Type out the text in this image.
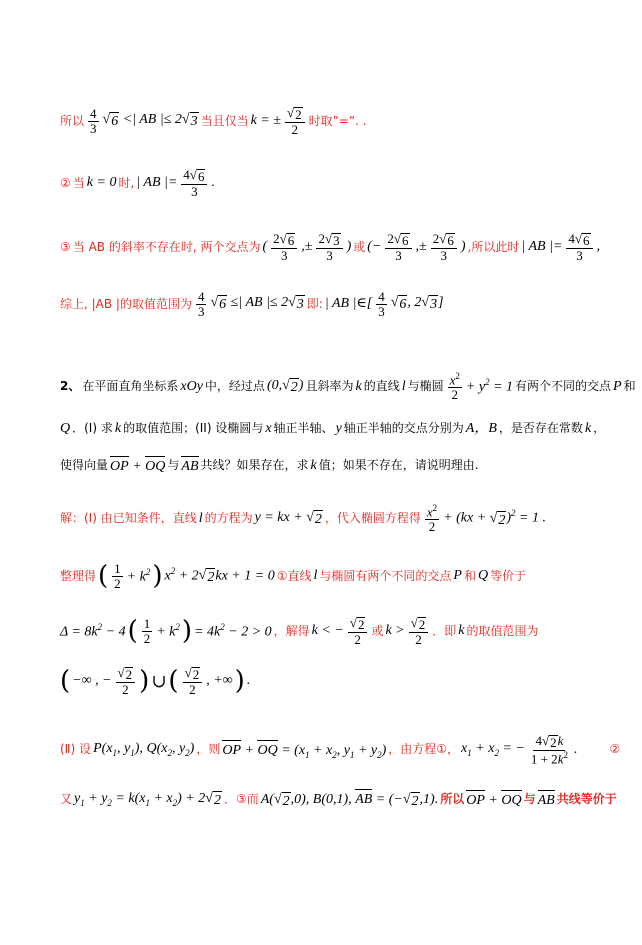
所以 $\frac{4}{3}$ √ 6 <| AB |≤ 2 √ 3 当且仅当 k = ± $\frac{√ 2}{2}$ 时取”=”. .
② 当 k = 0 时, | AB |= $\frac{4 √ 6}{3}$ .
③ 当 AB 的斜率不存在时, 两个交点为 ( $\frac{2 √ 6}{3}$ ,± $\frac{2 √ 3}{3}$ ) 或 (− $\frac{2 √ 6}{3}$ ,± $\frac{2 √ 6}{3}$ ) ,所以此时 | AB |= $\frac{4 √ 6}{3}$ ,
综上, |AB |的取值范围为 $\frac{4}{3}$ √ 6 ≤| AB |≤ 2 √ 3 即: | AB |∈[ $\frac{4}{3}$ √ 6 , 2 √ 3 ]
2、 在平面直角坐标系 xOy 中，经过点 (0, √ 2 ) 且斜率为 k 的直线 l 与椭圆 $\frac{x^2}{2} + y^2 = 1$ 有两个不同的交点 P 和
Q ．(I) 求 k 的取值范围；(II) 设椭圆与 x 轴正半轴、 y 轴正半轴的交点分别为 A，B ，是否存在常数 k ，
使得向量 OP + OQ 与 AB 共线？如果存在，求 k 值；如果不存在，请说明理由.
解：(Ⅰ) 由已知条件，直线 l 的方程为 y = kx + √ 2 ，代入椭圆方程得 $\frac{x^2}{2} + (kx$ + √ 2 )$^2$ = 1 .
整理得 ( $\frac{1}{2} + k^2$ ) $x^2 + 2$ √ 2 kx + 1 = 0 ①直线 l 与椭圆有两个不同的交点 P 和 Q 等价于
$\Delta = 8k^2 - 4$ ( $\frac{1}{2} + k^2$ ) = $4k^2 - 2 > 0$ ，解得 k < − $\frac{√ 2}{2}$ 或 $k > \frac{√ 2}{2}$ ．即 k 的取值范围为
( −∞ , − $\frac{√ 2}{2}$ ) ∪ ( $\frac{√ 2}{2}$ , +∞ ) .
(Ⅱ) 设 $P(x_1$, $y_1$), $Q(x_2$, $y_2$) ，则 OP + OQ = ($x_1 + x_2$, $y_1 + y_2$) ，由方程①， $x_1 + x_2$ = − $\frac{4 √ 2 k}{1 + 2k^2}$ .	②
又 $y_1 + y_2 = k(x_1 + x_2) + 2$ √ 2 ．③而 A( √ 2 ,0), B(0,1), AB = (− √ 2 ,1). 所以 OP + OQ 与 AB 共线等价于
